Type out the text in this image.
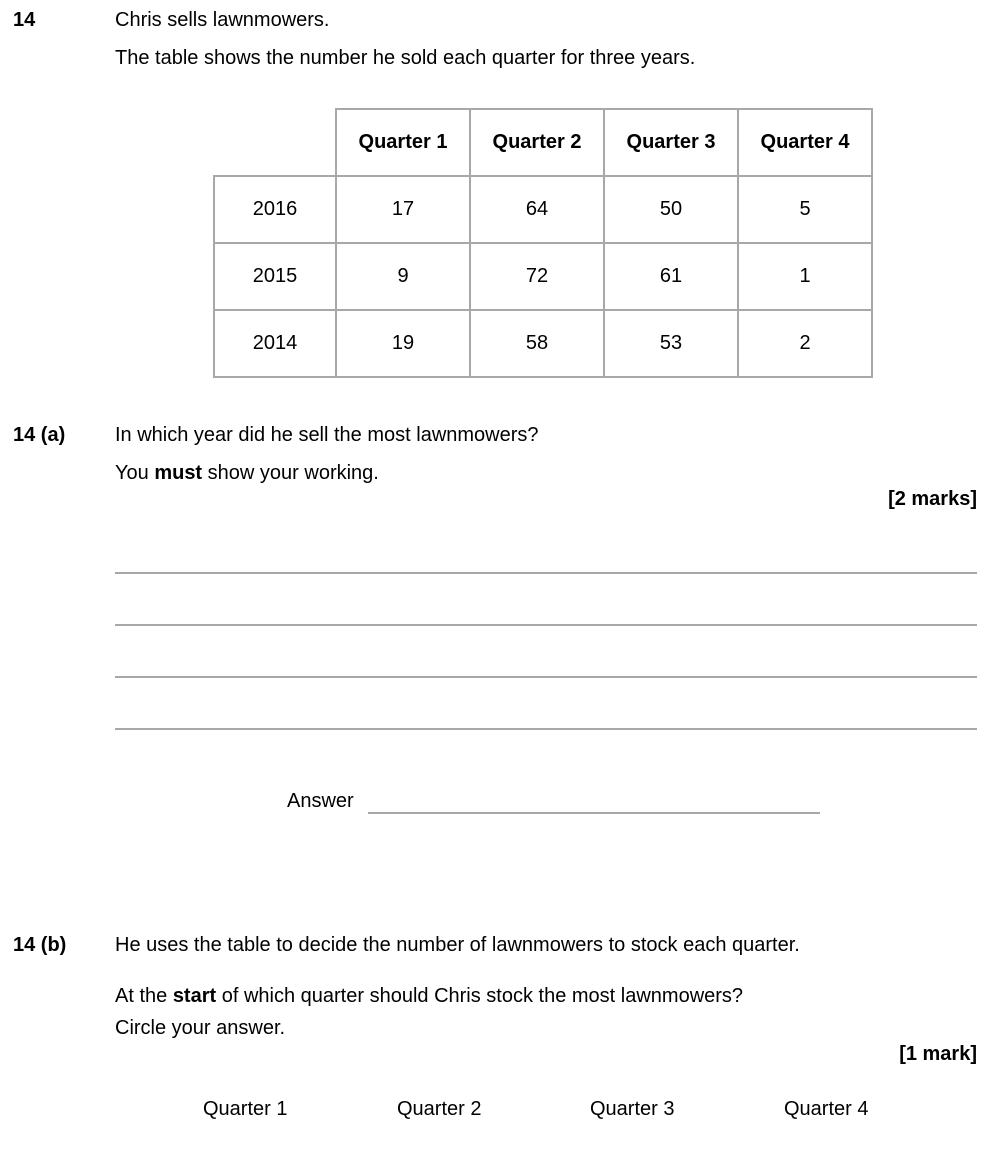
14	Chris sells lawnmowers.
The table shows the number he sold each quarter for three years.
	Quarter 1	Quarter 2	Quarter 3	Quarter 4
2016	17	64	50	5
2015	9	72	61	1
2014	19	58	53	2
14 (a) In which year did he sell the most lawnmowers?
You must show your working.
[2 marks]
Answer
14 (b) He uses the table to decide the number of lawnmowers to stock each quarter.
At the start of which quarter should Chris stock the most lawnmowers?
Circle your answer.
[1 mark]
Quarter 1	Quarter 2	Quarter 3	Quarter 4
